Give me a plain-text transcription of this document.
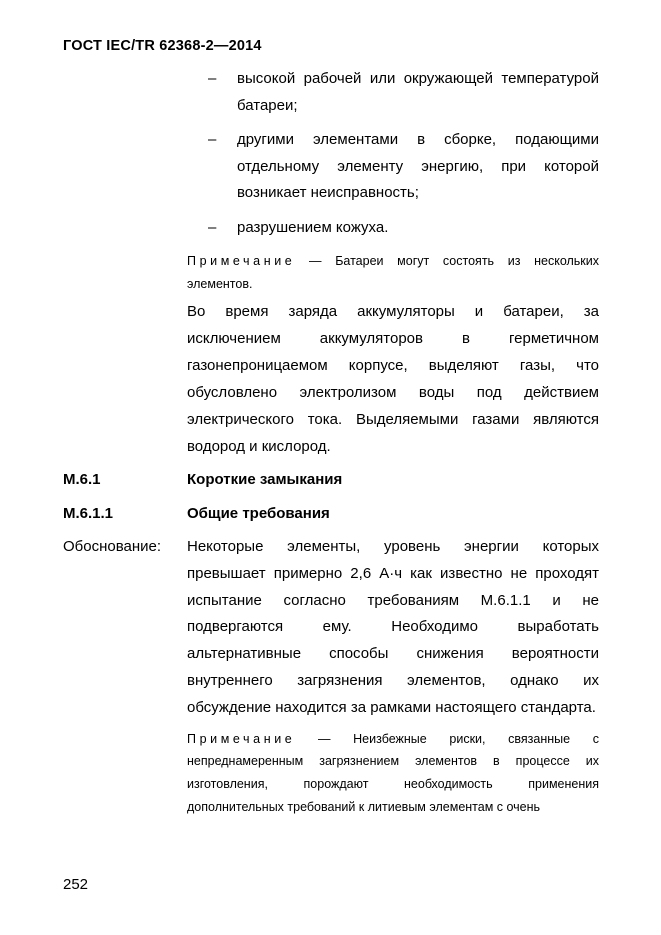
ГОСТ IEC/TR 62368-2—2014
– высокой рабочей или окружающей температурой батареи;
– другими элементами в сборке, подающими отдельному элементу энергию, при которой возникает неисправность;
– разрушением кожуха.
Примечание — Батареи могут состоять из нескольких элементов.
Во время заряда аккумуляторы и батареи, за исключением аккумуляторов в герметичном газонепроницаемом корпусе, выделяют газы, что обусловлено электролизом воды под действием электрического тока. Выделяемыми газами являются водород и кислород.
М.6.1	Короткие замыкания
М.6.1.1	Общие требования
Обоснование:	Некоторые элементы, уровень энергии которых превышает примерно 2,6 А·ч как известно не проходят испытание согласно требованиям М.6.1.1 и не подвергаются ему. Необходимо выработать альтернативные способы снижения вероятности внутреннего загрязнения элементов, однако их обсуждение находится за рамками настоящего стандарта.
Примечание — Неизбежные риски, связанные с непреднамеренным загрязнением элементов в процессе их изготовления, порождают необходимость применения дополнительных требований к литиевым элементам с очень
252
